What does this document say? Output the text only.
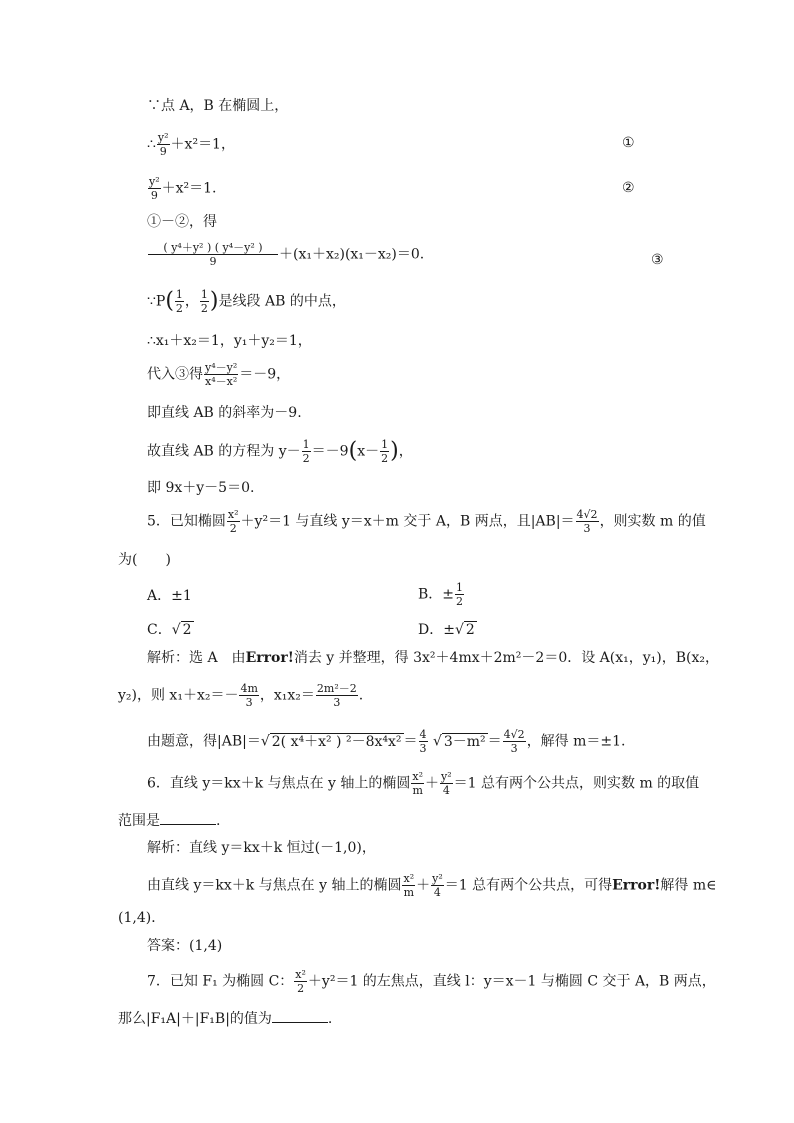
∵点 A，B 在椭圆上，
∴ $\frac{\text{y²}}{9} +x^2=1$，	①
$\frac{\text{y²}}{9} +x^2=1$.	②
①－②，得
$\frac{\text{( y⁴＋y² ) ( y⁴－y² )}}{9} +(x_1+x_2)(x_1-x_2)=0$.	③
∵P( $\frac{1}{2}$ ， $\frac{1}{2}$ )是线段 AB 的中点，
∴x₁＋x₂＝1，y₁＋y₂＝1，
代入③得 $\frac{\text{y⁴－y²}}{\text{x⁴－x²}} =-9$，
即直线 AB 的斜率为－9.
故直线 AB 的方程为 $y- \frac{1}{2} =-9(x- \frac{1}{2}$ )，
即 9x＋y－5＝0.
5．已知椭圆 $\frac{\text{x²}}{2} +y^2=1$ 与直线 y＝x＋m 交于 A，B 两点，且$|AB|= \frac{4√2}{3}$ ，则实数 m 的值
为(　　)
A．±1	B．± $\frac{1}{2}$
C．√ 2	D．±√ 2
解析：选 A　由Error!消去 y 并整理，得 3x²＋4mx＋2m²－2＝0．设 A(x₁，y₁)，B(x₂，
y₂)，则 $x_1+x_2=- \frac{4m}{3}$ ，$x_1x_2= \frac{\text{2m²－2}}{3}$ .
由题意，得|AB|＝√ 2( x⁴＋x² ) $^2-8x^4x^2 = \frac{4}{3}$ √ $3-m^2 = \frac{4√2}{3}$ ，解得 m＝±1.
6．直线 y＝kx＋k 与焦点在 y 轴上的椭圆 $\frac{\text{x²}}{m} + \frac{\text{y²}}{4} =1$ 总有两个公共点，则实数 m 的取值
范围是	.
解析：直线 y＝kx＋k 恒过(－1,0)，
由直线 y＝kx＋k 与焦点在 y 轴上的椭圆 $\frac{\text{x²}}{m} + \frac{\text{y²}}{4} =1$ 总有两个公共点，可得Error!解得 m∈
(1,4)．
答案：(1,4)
7．已知 F₁ 为椭圆 C： $\frac{\text{x²}}{2} +y^2=1$ 的左焦点，直线 l：y＝x－1 与椭圆 C 交于 A，B 两点，
那么|F₁A|＋|F₁B|的值为	.
